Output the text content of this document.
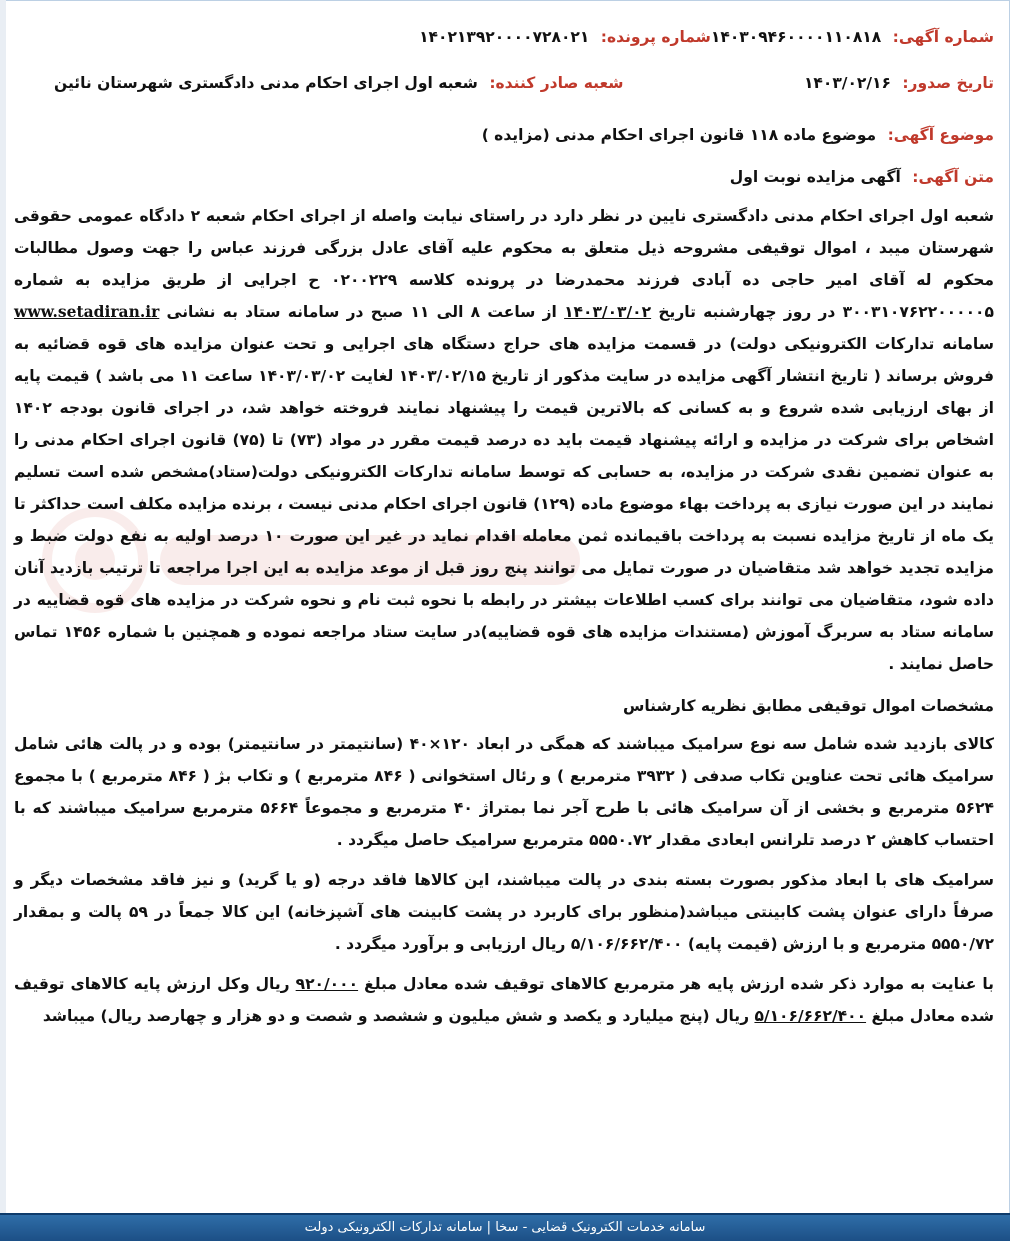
شماره آگهی: ۱۴۰۳۰۹۴۶۰۰۰۰۱۱۰۸۱۸
شماره پرونده: ۱۴۰۲۱۳۹۲۰۰۰۰۷۲۸۰۲۱
تاریخ صدور: ۱۴۰۳/۰۲/۱۶
شعبه صادر کننده: شعبه اول اجرای احکام مدنی دادگستری شهرستان نائین
موضوع آگهی: موضوع ماده ۱۱۸ قانون اجرای احکام مدنی (مزایده )
متن آگهی: آگهی مزایده نوبت اول

شعبه اول اجرای احکام مدنی دادگستری نایین در نظر دارد در راستای نیابت واصله از اجرای احکام شعبه ۲ دادگاه عمومی حقوقی شهرستان میبد ، اموال توقیفی مشروحه ذیل متعلق به محکوم علیه آقای عادل بزرگی فرزند عباس را جهت وصول مطالبات محکوم له آقای امیر حاجی ده آبادی فرزند محمدرضا در پرونده کلاسه ۰۲۰۰۲۲۹ ح اجرایی از طریق مزایده به شماره ۳۰۰۳۱۰۷۶۲۲۰۰۰۰۰۵ در روز چهارشنبه تاریخ ۱۴۰۳/۰۳/۰۲ از ساعت ۸ الی ۱۱ صبح در سامانه ستاد به نشانی www.setadiran.ir سامانه تدارکات الکترونیکی دولت) در قسمت مزایده های حراج دستگاه های اجرایی و تحت عنوان مزایده های قوه قضائیه به فروش برساند ( تاریخ انتشار آگهی مزایده در سایت مذکور از تاریخ ۱۴۰۳/۰۲/۱۵ لغایت ۱۴۰۳/۰۳/۰۲ ساعت ۱۱ می باشد ) قیمت پایه از بهای ارزیابی شده شروع و به کسانی که بالاترین قیمت را پیشنهاد نمایند فروخته خواهد شد، در اجرای قانون بودجه ۱۴۰۲ اشخاص برای شرکت در مزایده و ارائه پیشنهاد قیمت باید ده درصد قیمت مقرر در مواد (۷۳) تا (۷۵) قانون اجرای احکام مدنی را به عنوان تضمین نقدی شرکت در مزایده، به حسابی که توسط سامانه تدارکات الکترونیکی دولت(ستاد)مشخص شده است تسلیم نمایند در این صورت نیازی به پرداخت بهاء موضوع ماده (۱۲۹) قانون اجرای احکام مدنی نیست ، برنده مزایده مکلف است حداکثر تا یک ماه از تاریخ مزایده نسبت به پرداخت باقیمانده ثمن معامله اقدام نماید در غیر این صورت ۱۰ درصد اولیه به نفع دولت ضبط و مزایده تجدید خواهد شد متقاضیان در صورت تمایل می توانند پنج روز قبل از موعد مزایده به این اجرا مراجعه تا ترتیب بازدید آنان داده شود، متقاضیان می توانند برای کسب اطلاعات بیشتر در رابطه با نحوه ثبت نام و نحوه شرکت در مزایده های قوه قضاییه در سامانه ستاد به سربرگ آموزش (مستندات مزایده های قوه قضاییه)در سایت ستاد مراجعه نموده و همچنین با شماره ۱۴۵۶ تماس حاصل نمایند .

مشخصات اموال توقیفی مطابق نظریه کارشناس

کالای بازدید شده شامل سه نوع سرامیک میباشند که همگی در ابعاد ۱۲۰×۴۰ (سانتیمتر در سانتیمتر) بوده و در پالت هائی شامل سرامیک هائی تحت عناوین تکاب صدفی ( ۳۹۳۲ مترمربع ) و رئال استخوانی ( ۸۴۶ مترمربع ) و تکاب بژ ( ۸۴۶ مترمربع ) با مجموع ۵۶۲۴ مترمربع و بخشی از آن سرامیک هائی با طرح آجر نما بمتراژ ۴۰ مترمربع و مجموعاً ۵۶۶۴ مترمربع سرامیک میباشند که با احتساب کاهش ۲ درصد تلرانس ابعادی مقدار ۵۵۵۰.۷۲ مترمربع سرامیک حاصل میگردد .

سرامیک های با ابعاد مذکور بصورت بسته بندی در پالت میباشند، این کالاها فاقد درجه (و یا گرید) و نیز فاقد مشخصات دیگر و صرفاً دارای عنوان پشت کابینتی میباشد(منظور برای کاربرد در پشت کابینت های آشپزخانه) این کالا جمعاً در ۵۹ پالت و بمقدار ۵۵۵۰/۷۲ مترمربع و با ارزش (قیمت پایه) ۵/۱۰۶/۶۶۲/۴۰۰ ریال ارزیابی و برآورد میگردد .

با عنایت به موارد ذکر شده ارزش پایه هر مترمربع کالاهای توقیف شده معادل مبلغ ۹۲۰/۰۰۰ ریال وکل ارزش پایه کالاهای توقیف شده معادل مبلغ ۵/۱۰۶/۶۶۲/۴۰۰ ریال (پنج میلیارد و یکصد و شش میلیون و ششصد و شصت و دو هزار و چهارصد ریال) میباشد

سامانه خدمات الکترونیک قضایی - سخا | سامانه تدارکات الکترونیکی دولت
